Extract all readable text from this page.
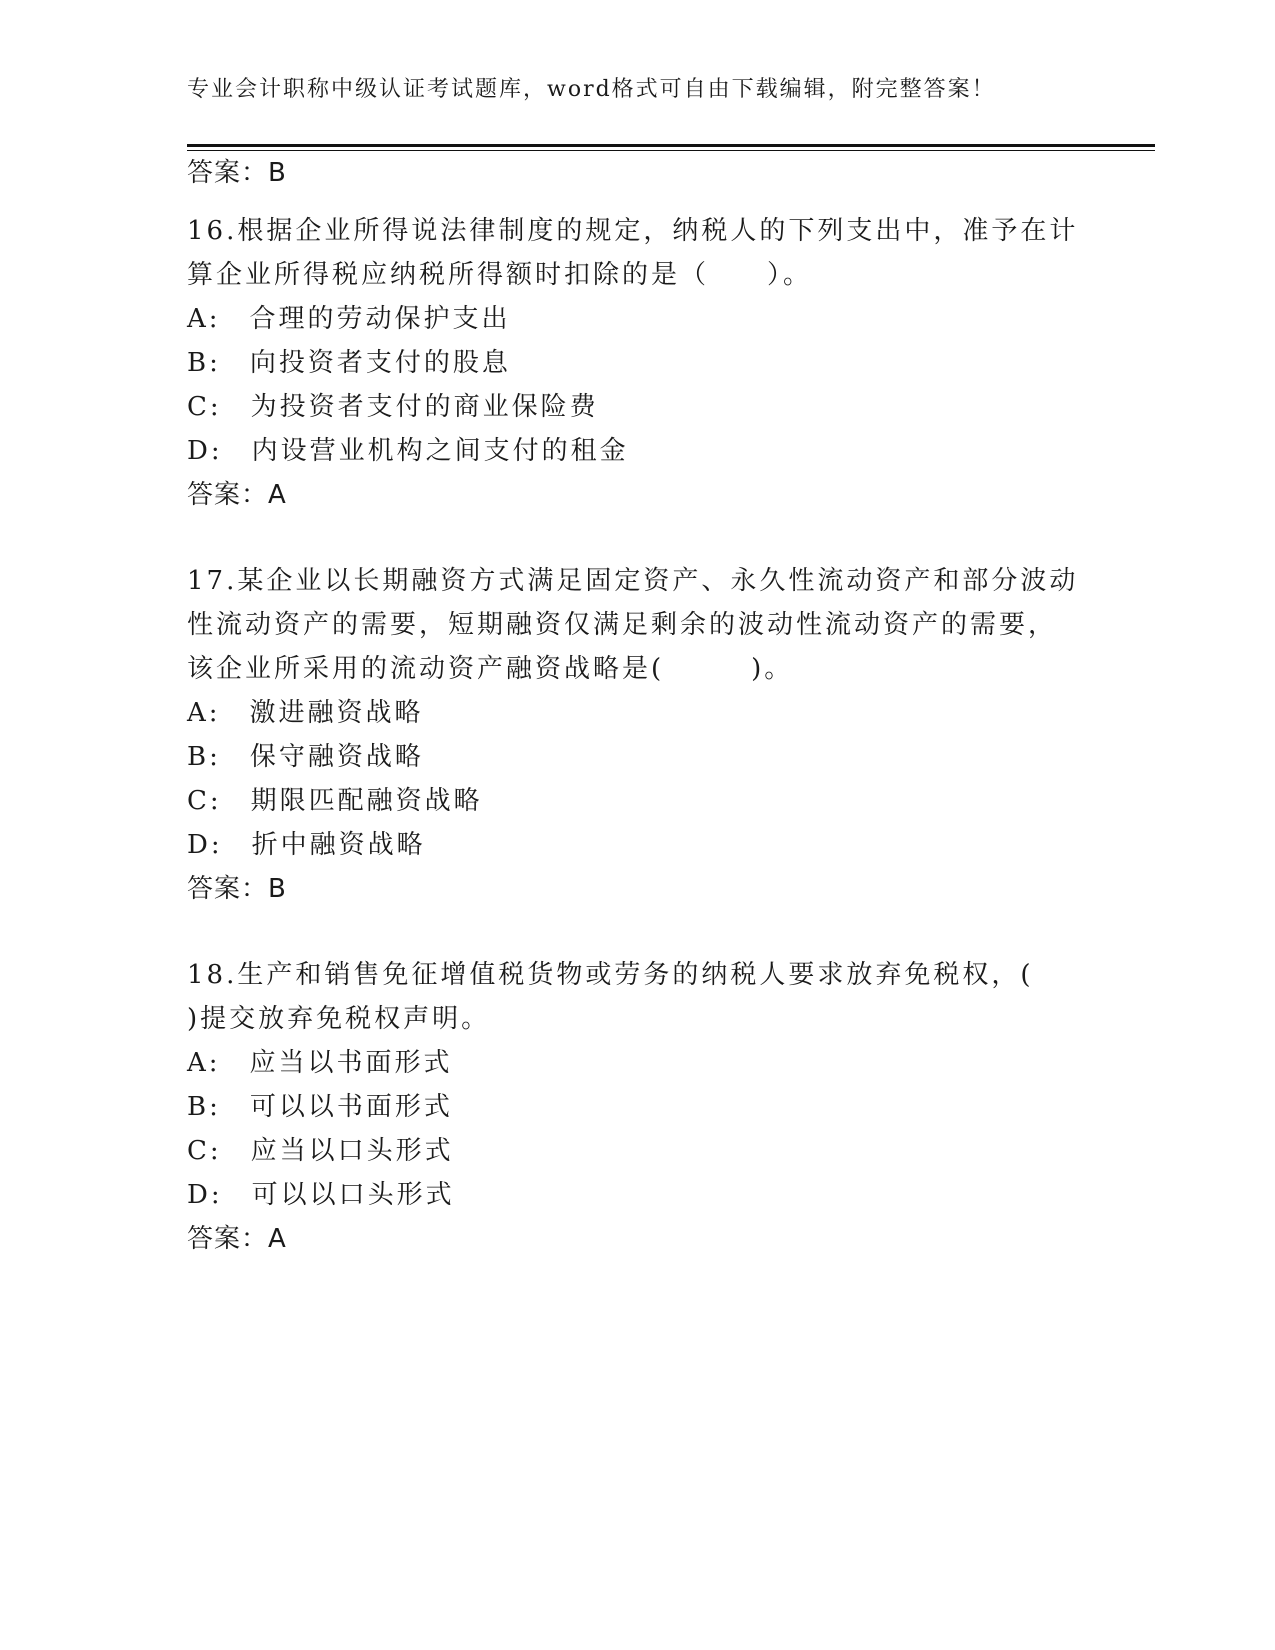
专业会计职称中级认证考试题库，word格式可自由下载编辑，附完整答案！
答案：B
16.根据企业所得说法律制度的规定，纳税人的下列支出中，准予在计
算企业所得税应纳税所得额时扣除的是（　　）。
A:　合理的劳动保护支出
B:　向投资者支付的股息
C:　为投资者支付的商业保险费
D:　内设营业机构之间支付的租金
答案：A
17.某企业以长期融资方式满足固定资产、永久性流动资产和部分波动
性流动资产的需要，短期融资仅满足剩余的波动性流动资产的需要，
该企业所采用的流动资产融资战略是(　　　)。
A:　激进融资战略
B:　保守融资战略
C:　期限匹配融资战略
D:　折中融资战略
答案：B
18.生产和销售免征增值税货物或劳务的纳税人要求放弃免税权，(
)提交放弃免税权声明。
A:　应当以书面形式
B:　可以以书面形式
C:　应当以口头形式
D:　可以以口头形式
答案：A
